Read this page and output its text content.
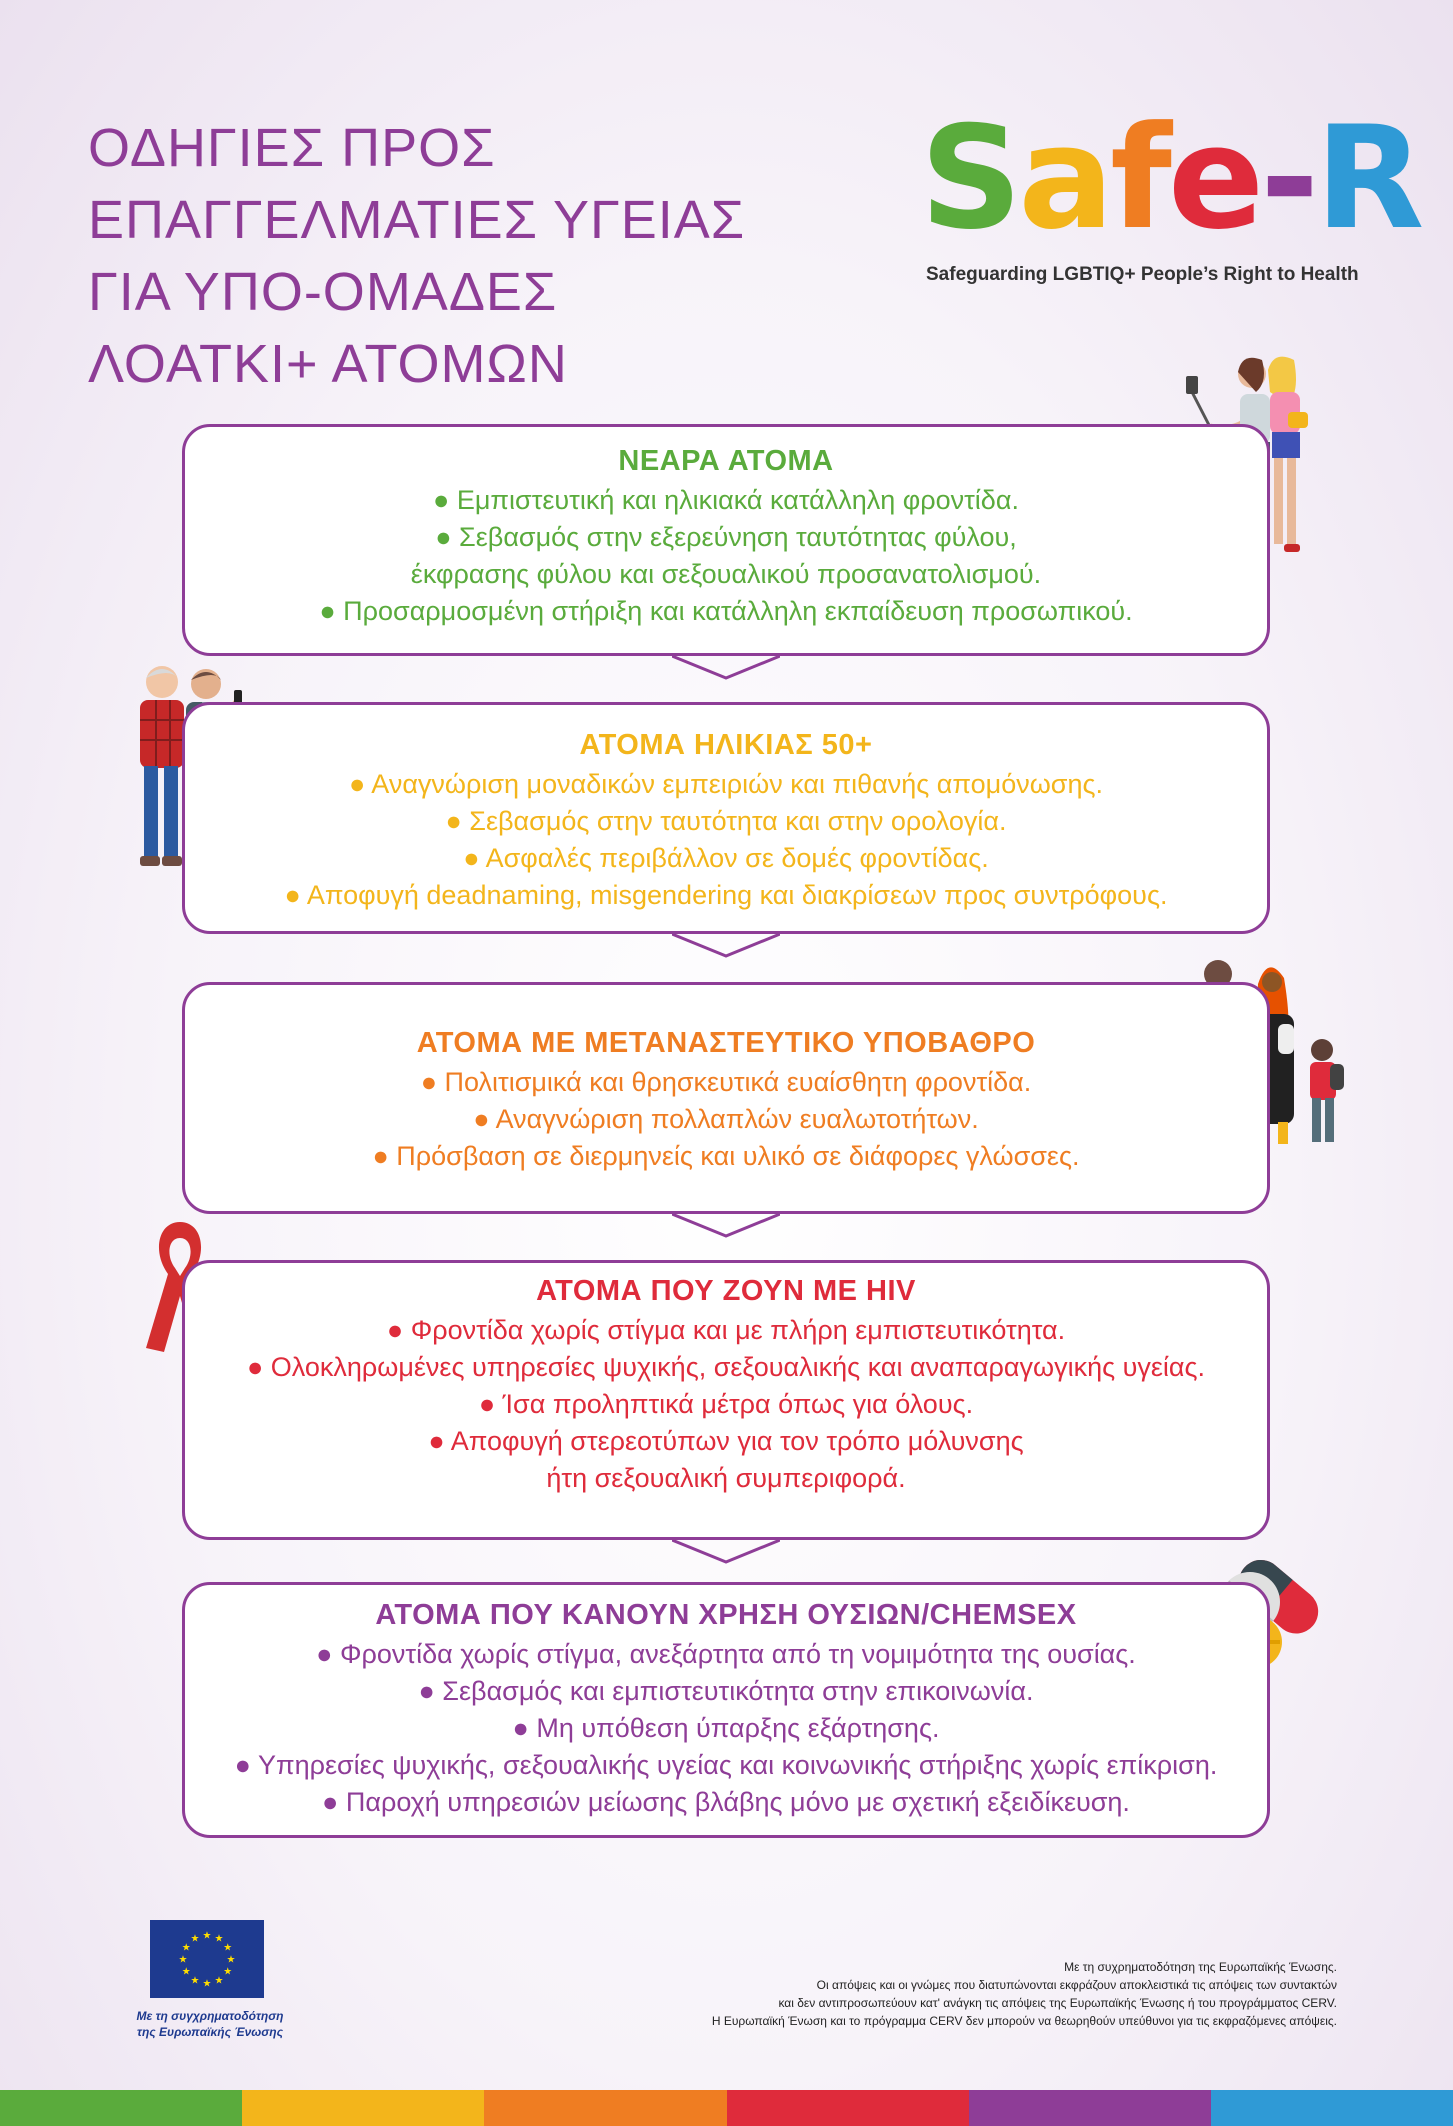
ΟΔΗΓΙΕΣ ΠΡΟΣ
ΕΠΑΓΓΕΛΜΑΤΙΕΣ ΥΓΕΙΑΣ
ΓΙΑ ΥΠΟ-ΟΜΑΔΕΣ
ΛΟΑΤΚΙ+ ΑΤΟΜΩΝ
S a f e - R
Safeguarding LGBTIQ+ People’s Right to Health
ΝΕΑΡΑ ΑΤΟΜΑ
● Εμπιστευτική και ηλικιακά κατάλληλη φροντίδα.
● Σεβασμός στην εξερεύνηση ταυτότητας φύλου,
έκφρασης φύλου και σεξουαλικού προσανατολισμού.
● Προσαρμοσμένη στήριξη και κατάλληλη εκπαίδευση προσωπικού.
ΑΤΟΜΑ ΗΛΙΚΙΑΣ 50+
● Αναγνώριση μοναδικών εμπειριών και πιθανής απομόνωσης.
● Σεβασμός στην ταυτότητα και στην ορολογία.
● Ασφαλές περιβάλλον σε δομές φροντίδας.
● Αποφυγή deadnaming, misgendering και διακρίσεων προς συντρόφους.
ΑΤΟΜΑ ΜΕ ΜΕΤΑΝΑΣΤΕΥΤΙΚΟ ΥΠΟΒΑΘΡΟ
● Πολιτισμικά και θρησκευτικά ευαίσθητη φροντίδα.
● Αναγνώριση πολλαπλών ευαλωτοτήτων.
● Πρόσβαση σε διερμηνείς και υλικό σε διάφορες γλώσσες.
ΑΤΟΜΑ ΠΟΥ ΖΟΥΝ ΜΕ HIV
● Φροντίδα χωρίς στίγμα και με πλήρη εμπιστευτικότητα.
● Ολοκληρωμένες υπηρεσίες ψυχικής, σεξουαλικής και αναπαραγωγικής υγείας.
● Ίσα προληπτικά μέτρα όπως για όλους.
● Αποφυγή στερεοτύπων για τον τρόπο μόλυνσης
ήτη σεξουαλική συμπεριφορά.
ΑΤΟΜΑ ΠΟΥ ΚΑΝΟΥΝ ΧΡΗΣΗ ΟΥΣΙΩΝ/CHEMSEX
● Φροντίδα χωρίς στίγμα, ανεξάρτητα από τη νομιμότητα της ουσίας.
● Σεβασμός και εμπιστευτικότητα στην επικοινωνία.
● Μη υπόθεση ύπαρξης εξάρτησης.
● Υπηρεσίες ψυχικής, σεξουαλικής υγείας και κοινωνικής στήριξης χωρίς επίκριση.
● Παροχή υπηρεσιών μείωσης βλάβης μόνο με σχετική εξειδίκευση.
★
★
★
★
★
★
★
★
★ ★ ★
★
Με τη συγχρηματοδότηση
της Ευρωπαϊκής Ένωσης
Με τη συχρηματοδότηση της Ευρωπαϊκής Ένωσης.
Οι απόψεις και οι γνώμες που διατυπώνονται εκφράζουν αποκλειστικά τις απόψεις των συντακτών
και δεν αντιπροσωπεύουν κατ' ανάγκη τις απόψεις της Ευρωπαϊκής Ένωσης ή του προγράμματος CERV.
Η Ευρωπαϊκή Ένωση και το πρόγραμμα CERV δεν μπορούν να θεωρηθούν υπεύθυνοι για τις εκφραζόμενες απόψεις.
